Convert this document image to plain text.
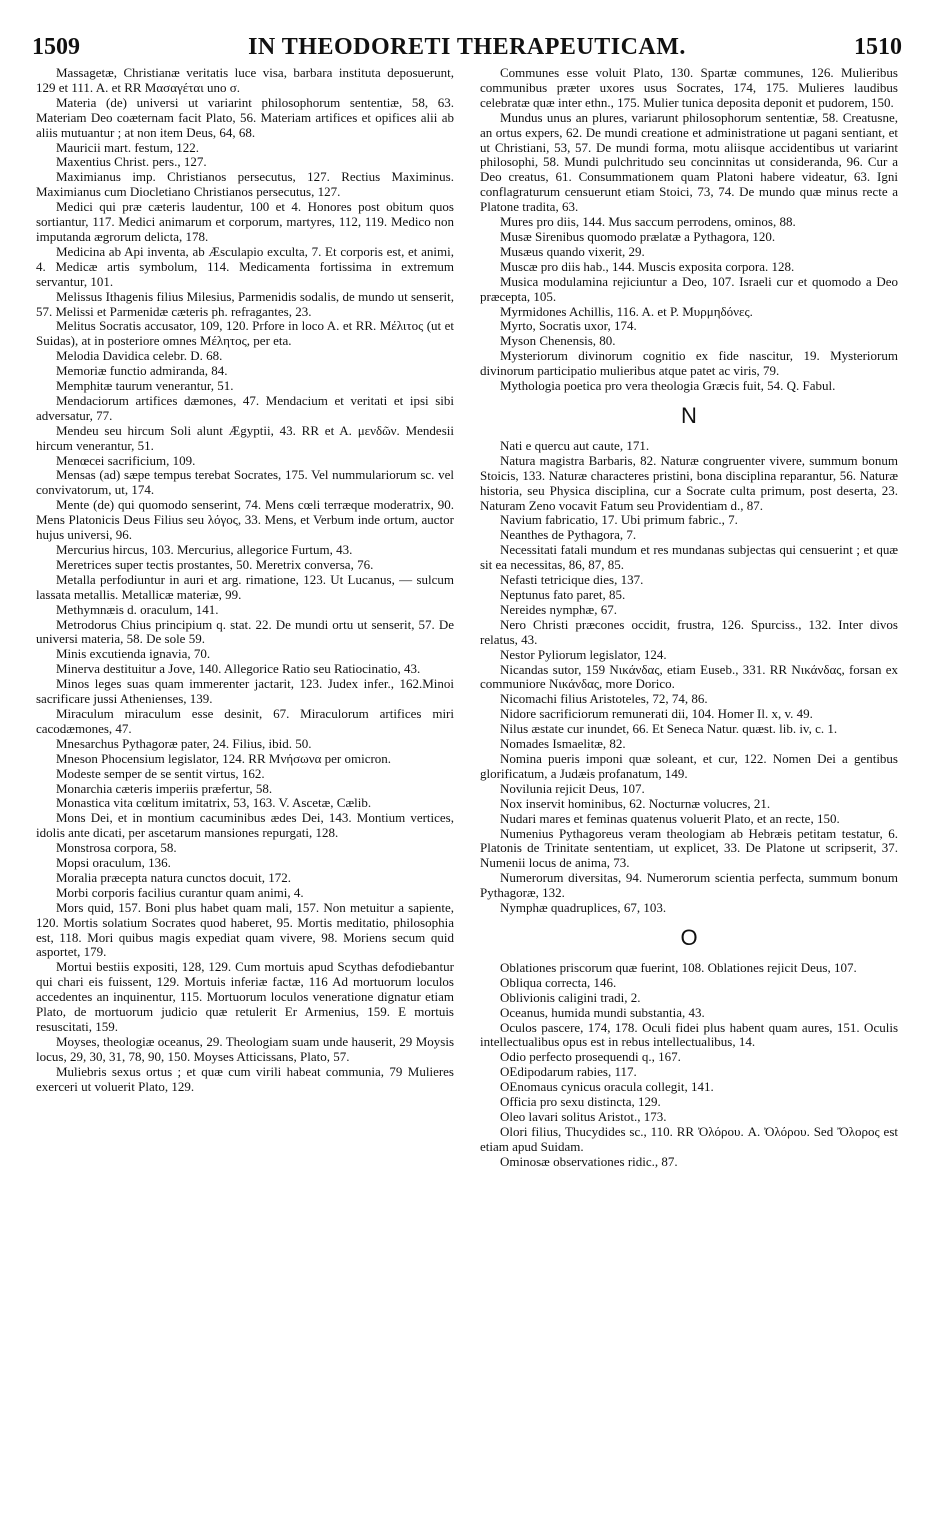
1509	IN THEODORETI THERAPEUTICAM.	1510

Massagetæ, Christianæ veritatis luce visa, barbara instituta deposuerunt, 129 et 111. A. et RR Μασαγέται uno σ.

Materia (de) universi ut variarint philosophorum sententiæ, 58, 63. Materiam Deo coæternam facit Plato, 56. Materiam artifices et opifices alii ab aliis mutuantur ; at non item Deus, 64, 68.

Mauricii mart. festum, 122.

Maxentius Christ. pers., 127.

Maximianus imp. Christianos persecutus, 127. Rectius Maximinus. Maximianus cum Diocletiano Christianos persecutus, 127.

Medici qui præ cæteris laudentur, 100 et 4. Honores post obitum quos sortiantur, 117. Medici animarum et corporum, martyres, 112, 119. Medico non imputanda ægrorum delicta, 178.

Medicina ab Api inventa, ab Æsculapio exculta, 7. Et corporis est, et animi, 4. Medicæ artis symbolum, 114. Medicamenta fortissima in extremum servantur, 101.

Melissus Ithagenis filius Milesius, Parmenidis sodalis, de mundo ut senserit, 57. Melissi et Parmenidæ cæteris ph. refragantes, 23.

Melitus Socratis accusator, 109, 120. Prfore in loco A. et RR. Μέλιτος (ut et Suidas), at in posteriore omnes Μέλητος, per eta.

Melodia Davidica celebr. D. 68.

Memoriæ functio admiranda, 84.

Memphitæ taurum venerantur, 51.

Mendaciorum artifices dæmones, 47. Mendacium et veritati et ipsi sibi adversatur, 77.

Mendeu seu hircum Soli alunt Ægyptii, 43. RR et A. μενδῶν. Mendesii hircum venerantur, 51.

Menœcei sacrificium, 109.

Mensas (ad) sæpe tempus terebat Socrates, 175. Vel nummulariorum sc. vel convivatorum, ut, 174.

Mente (de) qui quomodo senserint, 74. Mens cœli terræque moderatrix, 90. Mens Platonicis Deus Filius seu λόγος, 33. Mens, et Verbum inde ortum, auctor hujus universi, 96.

Mercurius hircus, 103. Mercurius, allegorice Furtum, 43.

Meretrices super tectis prostantes, 50. Meretrix conversa, 76.

Metalla perfodiuntur in auri et arg. rimatione, 123. Ut Lucanus, — sulcum lassata metallis. Metallicæ materiæ, 99.

Methymnæis d. oraculum, 141.

Metrodorus Chius principium q. stat. 22. De mundi ortu ut senserit, 57. De universi materia, 58. De sole 59.

Minis excutienda ignavia, 70.

Minerva destituitur a Jove, 140. Allegorice Ratio seu Ratiocinatio, 43.

Minos leges suas quam immerenter jactarit, 123. Judex infer., 162.Minoi sacrificare jussi Athenienses, 139.

Miraculum miraculum esse desinit, 67. Miraculorum artifices miri cacodæmones, 47.

Mnesarchus Pythagoræ pater, 24. Filius, ibid. 50.

Mneson Phocensium legislator, 124. RR Μνήσωνα per omicron.

Modeste semper de se sentit virtus, 162.

Monarchia cæteris imperiis præfertur, 58.

Monastica vita cœlitum imitatrix, 53, 163. V. Ascetæ, Cælib.

Mons Dei, et in montium cacuminibus ædes Dei, 143. Montium vertices, idolis ante dicati, per ascetarum mansiones repurgati, 128.

Monstrosa corpora, 58.

Mopsi oraculum, 136.

Moralia præcepta natura cunctos docuit, 172.

Morbi corporis facilius curantur quam animi, 4.

Mors quid, 157. Boni plus habet quam mali, 157. Non metuitur a sapiente, 120. Mortis solatium Socrates quod haberet, 95. Mortis meditatio, philosophia est, 118. Mori quibus magis expediat quam vivere, 98. Moriens secum quid asportet, 179.

Mortui bestiis expositi, 128, 129. Cum mortuis apud Scythas defodiebantur qui chari eis fuissent, 129. Mortuis inferiæ factæ, 116 Ad mortuorum loculos accedentes an inquinentur, 115. Mortuorum loculos veneratione dignatur etiam Plato, de mortuorum judicio quæ retulerit Er Armenius, 159. E mortuis resuscitati, 159.

Moyses, theologiæ oceanus, 29. Theologiam suam unde hauserit, 29 Moysis locus, 29, 30, 31, 78, 90, 150. Moyses Atticissans, Plato, 57.

Muliebris sexus ortus ; et quæ cum virili habeat communia, 79 Mulieres exerceri ut voluerit Plato, 129.

Communes esse voluit Plato, 130. Spartæ communes, 126. Mulieribus communibus præter uxores usus Socrates, 174, 175. Mulieres laudibus celebratæ quæ inter ethn., 175. Mulier tunica deposita deponit et pudorem, 150.

Mundus unus an plures, variarunt philosophorum sententiæ, 58. Creatusne, an ortus expers, 62. De mundi creatione et administratione ut pagani sentiant, et ut Christiani, 53, 57. De mundi forma, motu aliisque accidentibus ut variarint philosophi, 58. Mundi pulchritudo seu concinnitas ut consideranda, 96. Cur a Deo creatus, 61. Consummationem quam Platoni habere videatur, 63. Igni conflagraturum censuerunt etiam Stoici, 73, 74. De mundo quæ minus recte a Platone tradita, 63.

Mures pro diis, 144. Mus saccum perrodens, ominos, 88.

Musæ Sirenibus quomodo prælatæ a Pythagora, 120.

Musæus quando vixerit, 29.

Muscæ pro diis hab., 144. Muscis exposita corpora. 128.

Musica modulamina rejiciuntur a Deo, 107. Israeli cur et quomodo a Deo præcepta, 105.

Myrmidones Achillis, 116. A. et P. Μυρμηδόνες.

Myrto, Socratis uxor, 174.

Myson Chenensis, 80.

Mysteriorum divinorum cognitio ex fide nascitur, 19. Mysteriorum divinorum participatio mulieribus atque patet ac viris, 79.

Mythologia poetica pro vera theologia Græcis fuit, 54. Q. Fabul.

N

Nati e quercu aut caute, 171.

Natura magistra Barbaris, 82. Naturæ congruenter vivere, summum bonum Stoicis, 133. Naturæ characteres pristini, bona disciplina reparantur, 56. Naturæ historia, seu Physica disciplina, cur a Socrate culta primum, post deserta, 23. Naturam Zeno vocavit Fatum seu Providentiam d., 87.

Navium fabricatio, 17. Ubi primum fabric., 7.

Neanthes de Pythagora, 7.

Necessitati fatali mundum et res mundanas subjectas qui censuerint ; et quæ sit ea necessitas, 86, 87, 85.

Nefasti tetricique dies, 137.

Neptunus fato paret, 85.

Nereides nymphæ, 67.

Nero Christi præcones occidit, frustra, 126. Spurciss., 132. Inter divos relatus, 43.

Nestor Pyliorum legislator, 124.

Nicandas sutor, 159 Νικάνδας, etiam Euseb., 331. RR Νικάνδας, forsan ex communiore Νικάνδας, more Dorico.

Nicomachi filius Aristoteles, 72, 74, 86.

Nidore sacrificiorum remunerati dii, 104. Homer Il. x, v. 49.

Nilus æstate cur inundet, 66. Et Seneca Natur. quæst. lib. iv, c. 1.

Nomades Ismaelitæ, 82.

Nomina pueris imponi quæ soleant, et cur, 122. Nomen Dei a gentibus glorificatum, a Judæis profanatum, 149.

Novilunia rejicit Deus, 107.

Nox inservit hominibus, 62. Nocturnæ volucres, 21.

Nudari mares et feminas quatenus voluerit Plato, et an recte, 150.

Numenius Pythagoreus veram theologiam ab Hebræis petitam testatur, 6. Platonis de Trinitate sententiam, ut explicet, 33. De Platone ut scripserit, 37. Numenii locus de anima, 73.

Numerorum diversitas, 94. Numerorum scientia perfecta, summum bonum Pythagoræ, 132.

Nymphæ quadruplices, 67, 103.

O

Oblationes priscorum quæ fuerint, 108. Oblationes rejicit Deus, 107.

Obliqua correcta, 146.

Oblivionis caligini tradi, 2.

Oceanus, humida mundi substantia, 43.

Oculos pascere, 174, 178. Oculi fidei plus habent quam aures, 151. Oculis intellectualibus opus est in rebus intellectualibus, 14.

Odio perfecto prosequendi q., 167.

OEdipodarum rabies, 117.

OEnomaus cynicus oracula collegit, 141.

Officia pro sexu distincta, 129.

Oleo lavari solitus Aristot., 173.

Olori filius, Thucydides sc., 110. RR Ὀλόρου. A. Ὀλόρου. Sed Ὄλορος est etiam apud Suidam.

Ominosæ observationes ridic., 87.
